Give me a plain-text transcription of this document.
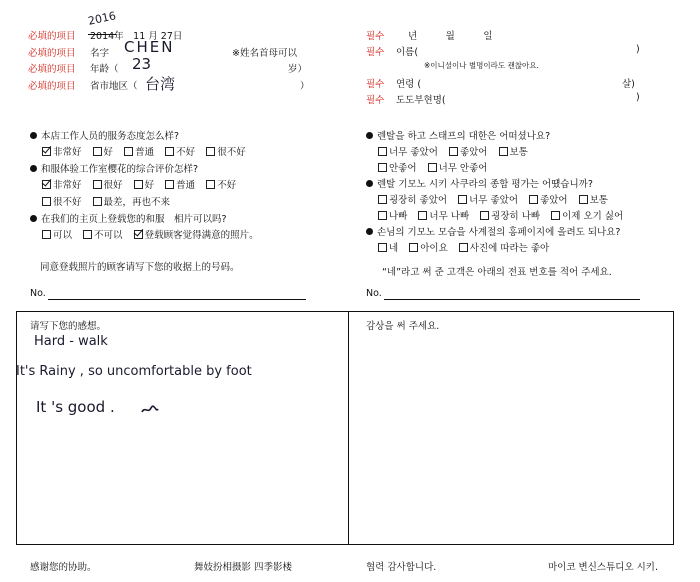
必填的项目 2014年　11 月 27日
2016
必填的项目 名字	※姓名首母可以
CHEN
必填的项目 年龄（	岁）
23
必填的项目 省市地区（	）
台湾
필수 년　　　월　　　일
필수 이름(	)
※이니셜이나 별명이라도 괜찮아요.
필수 연령 (	살)
필수 도도부현명(	)
本店工作人员的服务态度怎么样?
非常好 好 普通 不好 很不好
和服体验工作室樱花的综合评价怎样?
非常好 很好 好 普通 不好
很不好 最差，再也不来
在我们的主页上登载您的和服　相片可以吗?
可以 不可以 登载顾客觉得满意的照片。
同意登载照片的顾客请写下您的收据上的号码。
No.
렌탈을 하고 스태프의 대한은 어떠셨나요?
너무 좋았어 좋았어 보통
안좋어 너무 안좋어
렌탈 기모노 시키 사쿠라의 종합 평가는 어떘습니까?
굉장히 좋았어 너무 좋았어 좋았어 보통
나빠 너무 나빠 굉장히 나빠 이제 오기 싫어
손님의 기모노 모습을 사계절의 홍페이지에 올려도 되나요?
네 아이요 사진에 따라는 좋아
“네”라고 써 준 고객은 아래의 전표 번호를 적어 주세요.
No.
请写下您的感想。	감상을 써 주세요.
Hard - walk
It's Rainy , so uncomfortable by foot
It 's good .
感谢您的协助。	舞妓扮相摄影 四季影楼	협력 감사합니다.	마이코 변신스튜디오 시키.
